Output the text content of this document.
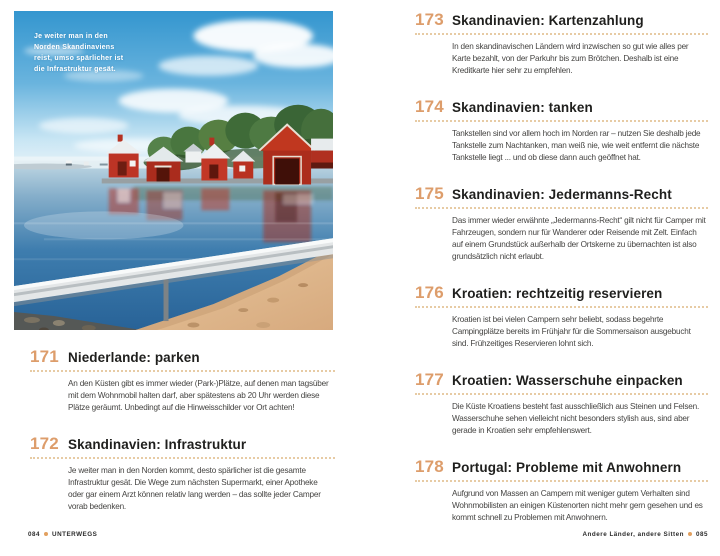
Je weiter man in den
Norden Skandinaviens
reist, umso spärlicher ist
die Infrastruktur gesät.
171 Niederlande: parken

An den Küsten gibt es immer wieder (Park-)Plätze, auf denen man tagsüber mit dem Wohnmobil halten darf, aber spätestens ab 20 Uhr werden diese Plätze geräumt. Unbedingt auf die Hinweisschilder vor Ort achten!

172 Skandinavien: Infrastruktur

Je weiter man in den Norden kommt, desto spärlicher ist die gesamte Infrastruktur gesät. Die Wege zum nächsten Supermarkt, einer Apotheke oder gar einem Arzt können relativ lang werden – das sollte jeder Camper vorab bedenken.

084 UNTERWEGS
173 Skandinavien: Kartenzahlung

In den skandinavischen Ländern wird inzwischen so gut wie alles per Karte bezahlt, von der Parkuhr bis zum Brötchen. Deshalb ist eine Kreditkarte hier sehr zu empfehlen.

174 Skandinavien: tanken

Tankstellen sind vor allem hoch im Norden rar – nutzen Sie deshalb jede Tankstelle zum Nachtanken, man weiß nie, wie weit entfernt die nächste Tankstelle liegt ... und ob diese dann auch geöffnet hat.

175 Skandinavien: Jedermanns-Recht

Das immer wieder erwähnte „Jedermanns-Recht“ gilt nicht für Camper mit Fahrzeugen, sondern nur für Wanderer oder Reisende mit Zelt. Einfach auf einem Grundstück außerhalb der Ortskerne zu übernachten ist also grundsätzlich nicht erlaubt.

176 Kroatien: rechtzeitig reservieren

Kroatien ist bei vielen Campern sehr beliebt, sodass begehrte Campingplätze bereits im Frühjahr für die Sommersaison ausgebucht sind. Frühzeitiges Reservieren lohnt sich.

177 Kroatien: Wasserschuhe einpacken

Die Küste Kroatiens besteht fast ausschließlich aus Steinen und Felsen. Wasserschuhe sehen vielleicht nicht besonders stylish aus, sind aber gerade in Kroatien sehr empfehlenswert.

178 Portugal: Probleme mit Anwohnern

Aufgrund von Massen an Campern mit weniger gutem Verhalten sind Wohnmobilisten an einigen Küstenorten nicht mehr gern gesehen und es kommt schnell zu Problemen mit Anwohnern.

Andere Länder, andere Sitten 085
